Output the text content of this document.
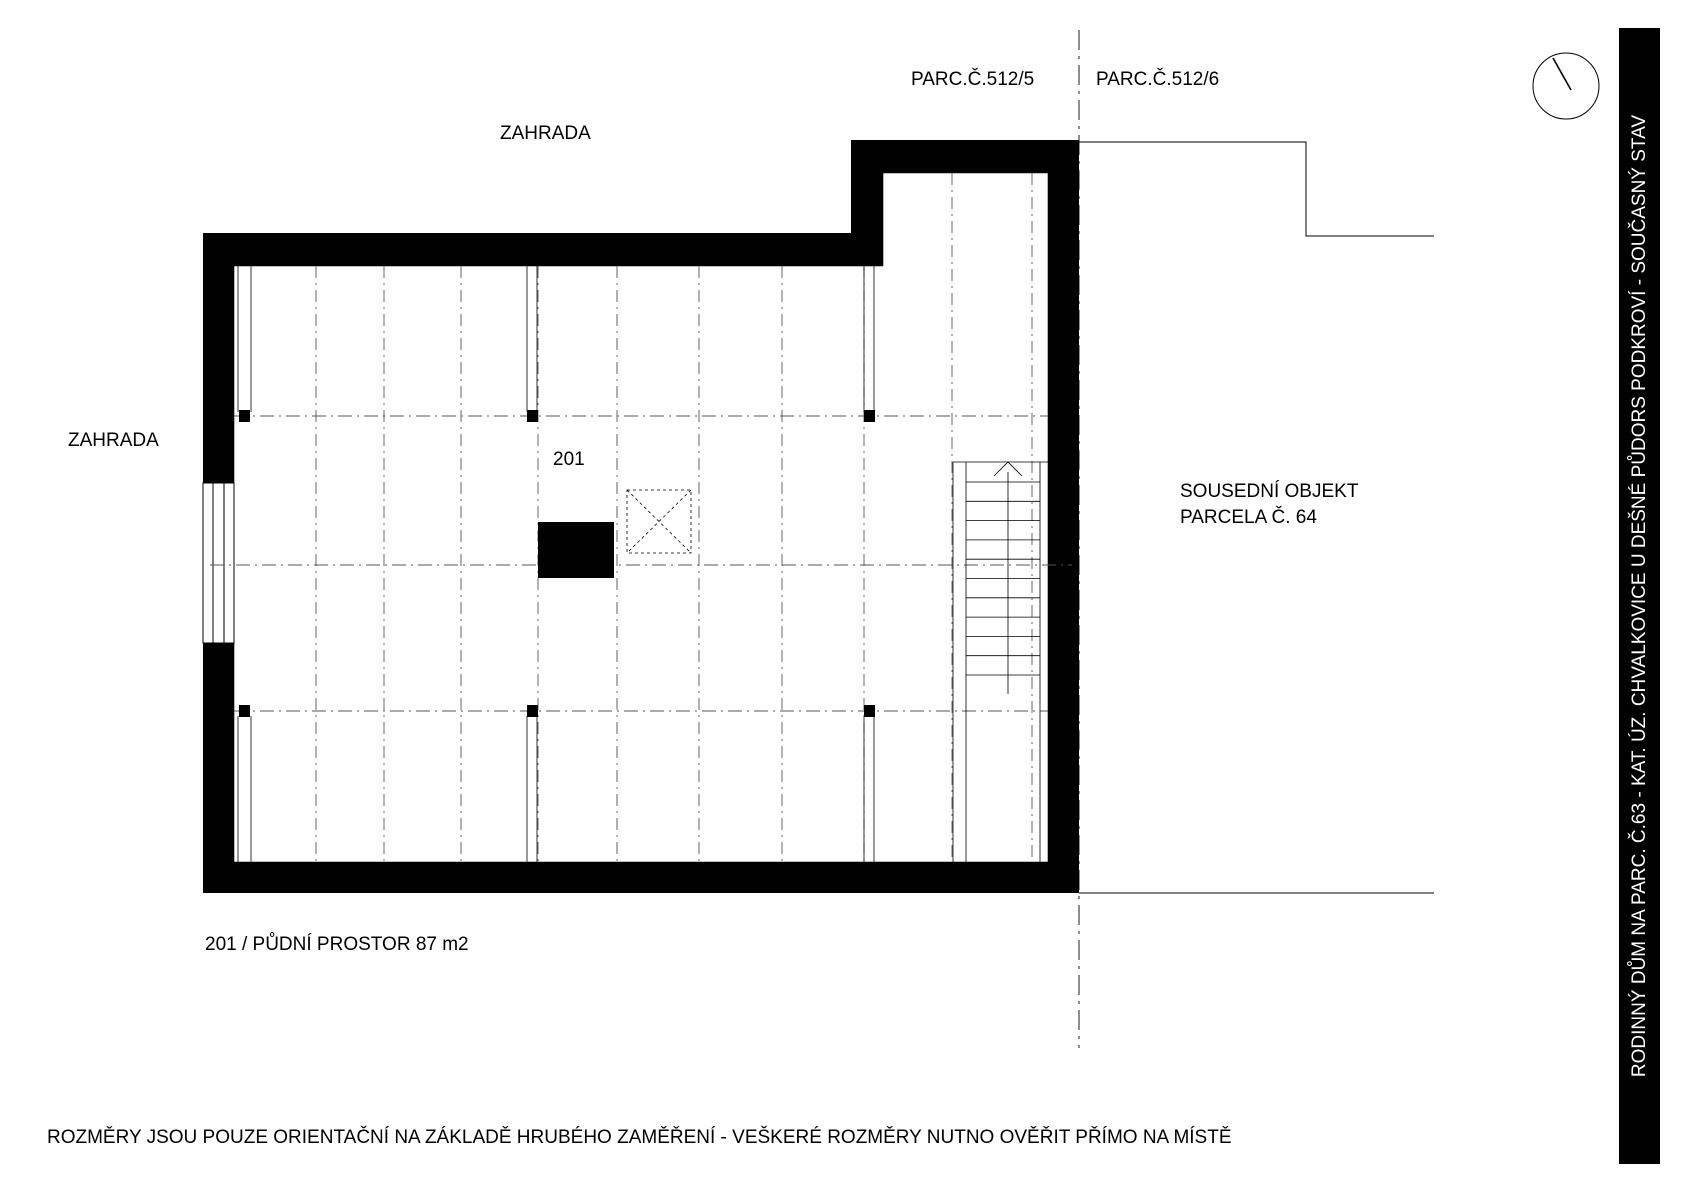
PARC.Č.512/5	PARC.Č.512/6
ZAHRADA
ZAHRADA
201
SOUSEDNÍ OBJEKT
PARCELA Č. 64
201 / PŮDNÍ PROSTOR 87 m2
ROZMĚRY JSOU POUZE ORIENTAČNÍ NA ZÁKLADĚ HRUBÉHO ZAMĚŘENÍ - VEŠKERÉ ROZMĚRY NUTNO OVĚŘIT PŘÍMO NA MÍSTĚ
RODINNÝ DŮM NA PARC. Č.63 - KAT. ÚZ. CHVALKOVICE U DEŠNÉ PŮDORS PODKROVÍ - SOUČASNÝ STAV
